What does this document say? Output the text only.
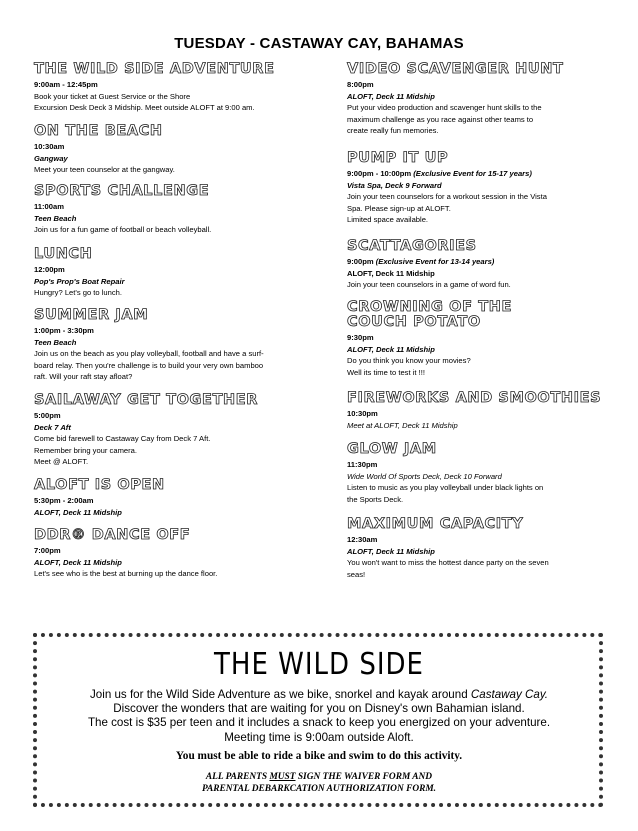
TUESDAY - CASTAWAY CAY, BAHAMAS
THE WILD SIDE ADVENTURE
9:00am - 12:45pm
Book your ticket at Guest Service or the Shore
Excursion Desk Deck 3 Midship. Meet outside ALOFT at 9:00 am.
ON THE BEACH
10:30am
Gangway
Meet your teen counselor at the gangway.
SPORTS CHALLENGE
11:00am
Teen Beach
Join us for a fun game of football or beach volleyball.
LUNCH
12:00pm
Pop's Prop's Boat Repair
Hungry? Let's go to lunch.
SUMMER JAM
1:00pm - 3:30pm
Teen Beach
Join us on the beach as you play volleyball, football and have a surf-
board relay. Then you're challenge is to build your very own bamboo
raft. Will your raft stay afloat?
SAILAWAY GET TOGETHER
5:00pm
Deck 7 Aft
Come bid farewell to Castaway Cay from Deck 7 Aft.
Remember bring your camera.
Meet @ ALOFT.
ALOFT IS OPEN
5:30pm - 2:00am
ALOFT, Deck 11 Midship
DDR® DANCE OFF
7:00pm
ALOFT, Deck 11 Midship
Let's see who is the best at burning up the dance floor.
VIDEO SCAVENGER HUNT
8:00pm
ALOFT, Deck 11 Midship
Put your video production and scavenger hunt skills to the
maximum challenge as you race against other teams to
create really fun memories.
PUMP IT UP
9:00pm - 10:00pm (Exclusive Event for 15-17 years)
Vista Spa, Deck 9 Forward
Join your teen counselors for a workout session in the Vista
Spa. Please sign-up at ALOFT.
Limited space available.
SCATTAGORIES
9:00pm (Exclusive Event for 13-14 years)
ALOFT, Deck 11 Midship
Join your teen counselors in a game of word fun.
CROWNING OF THE COUCH POTATO
9:30pm
ALOFT, Deck 11 Midship
Do you think you know your movies?
Well its time to test it !!!
FIREWORKS AND SMOOTHIES
10:30pm
Meet at ALOFT, Deck 11 Midship
GLOW JAM
11:30pm
Wide World Of Sports Deck, Deck 10 Forward
Listen to music as you play volleyball under black lights on
the Sports Deck.
MAXIMUM CAPACITY
12:30am
ALOFT, Deck 11 Midship
You won't want to miss the hottest dance party on the seven
seas!
THE WILD SIDE
Join us for the Wild Side Adventure as we bike, snorkel and kayak around Castaway Cay.
Discover the wonders that are waiting for you on Disney's own Bahamian island.
The cost is $35 per teen and it includes a snack to keep you energized on your adventure.
Meeting time is 9:00am outside Aloft.
You must be able to ride a bike and swim to do this activity.
ALL PARENTS MUST SIGN THE WAIVER FORM AND
PARENTAL DEBARKCATION AUTHORIZATION FORM.
